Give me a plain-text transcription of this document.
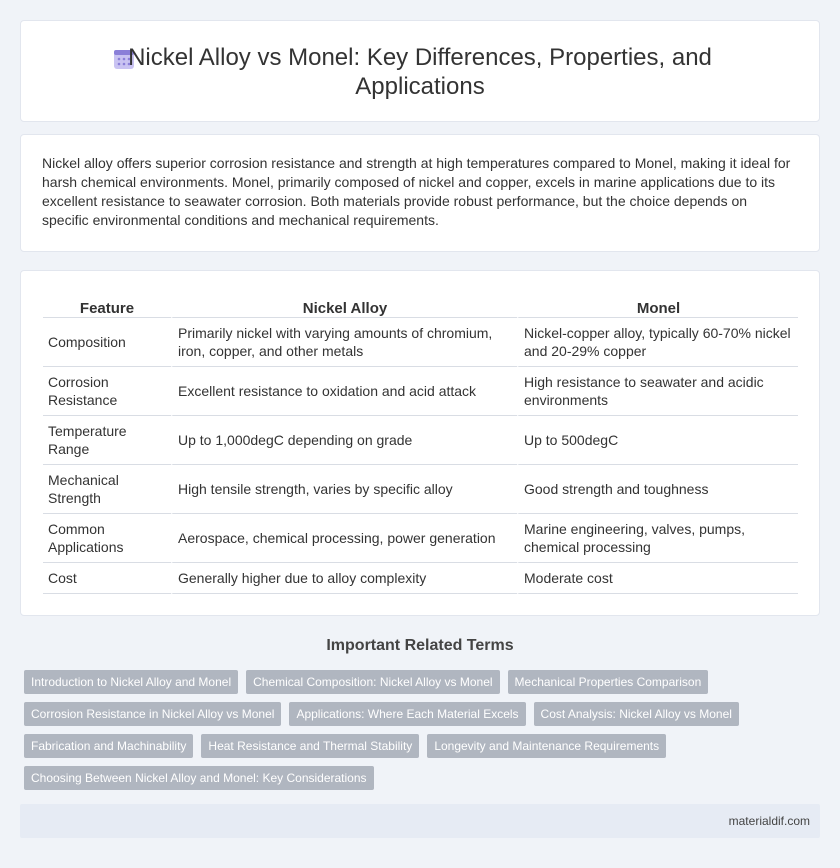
Nickel Alloy vs Monel: Key Differences, Properties, and Applications

Nickel alloy offers superior corrosion resistance and strength at high temperatures compared to Monel, making it ideal for harsh chemical environments. Monel, primarily composed of nickel and copper, excels in marine applications due to its excellent resistance to seawater corrosion. Both materials provide robust performance, but the choice depends on specific environmental conditions and mechanical requirements.

Feature	Nickel Alloy	Monel
Composition	Primarily nickel with varying amounts of chromium, iron, copper, and other metals	Nickel-copper alloy, typically 60-70% nickel and 20-29% copper
Corrosion Resistance	Excellent resistance to oxidation and acid attack	High resistance to seawater and acidic environments
Temperature Range	Up to 1,000degC depending on grade	Up to 500degC
Mechanical Strength	High tensile strength, varies by specific alloy	Good strength and toughness
Common Applications	Aerospace, chemical processing, power generation	Marine engineering, valves, pumps, chemical processing
Cost	Generally higher due to alloy complexity	Moderate cost
Important Related Terms
Introduction to Nickel Alloy and Monel	Chemical Composition: Nickel Alloy vs Monel	Mechanical Properties Comparison
Corrosion Resistance in Nickel Alloy vs Monel	Applications: Where Each Material Excels	Cost Analysis: Nickel Alloy vs Monel
Fabrication and Machinability	Heat Resistance and Thermal Stability	Longevity and Maintenance Requirements
Choosing Between Nickel Alloy and Monel: Key Considerations
materialdif.com
